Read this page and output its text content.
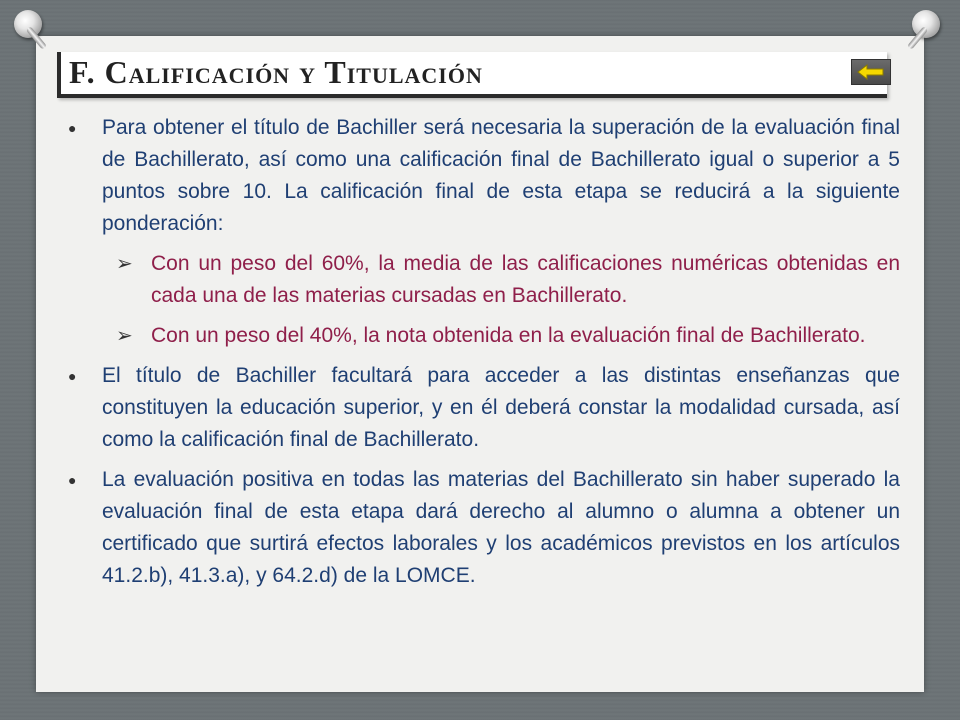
F. Calificación y Titulación
● Para obtener el título de Bachiller será necesaria la superación de la evaluación final de Bachillerato, así como una calificación final de Bachillerato igual o superior a 5 puntos sobre 10. La calificación final de esta etapa se reducirá a la siguiente ponderación:
➢ Con un peso del 60%, la media de las calificaciones numéricas obtenidas en cada una de las materias cursadas en Bachillerato.
➢ Con un peso del 40%, la nota obtenida en la evaluación final de Bachillerato.
● El título de Bachiller facultará para acceder a las distintas enseñanzas que constituyen la educación superior, y en él deberá constar la modalidad cursada, así como la calificación final de Bachillerato.
● La evaluación positiva en todas las materias del Bachillerato sin haber superado la evaluación final de esta etapa dará derecho al alumno o alumna a obtener un certificado que surtirá efectos laborales y los académicos previstos en los artículos 41.2.b), 41.3.a), y 64.2.d) de la LOMCE.
